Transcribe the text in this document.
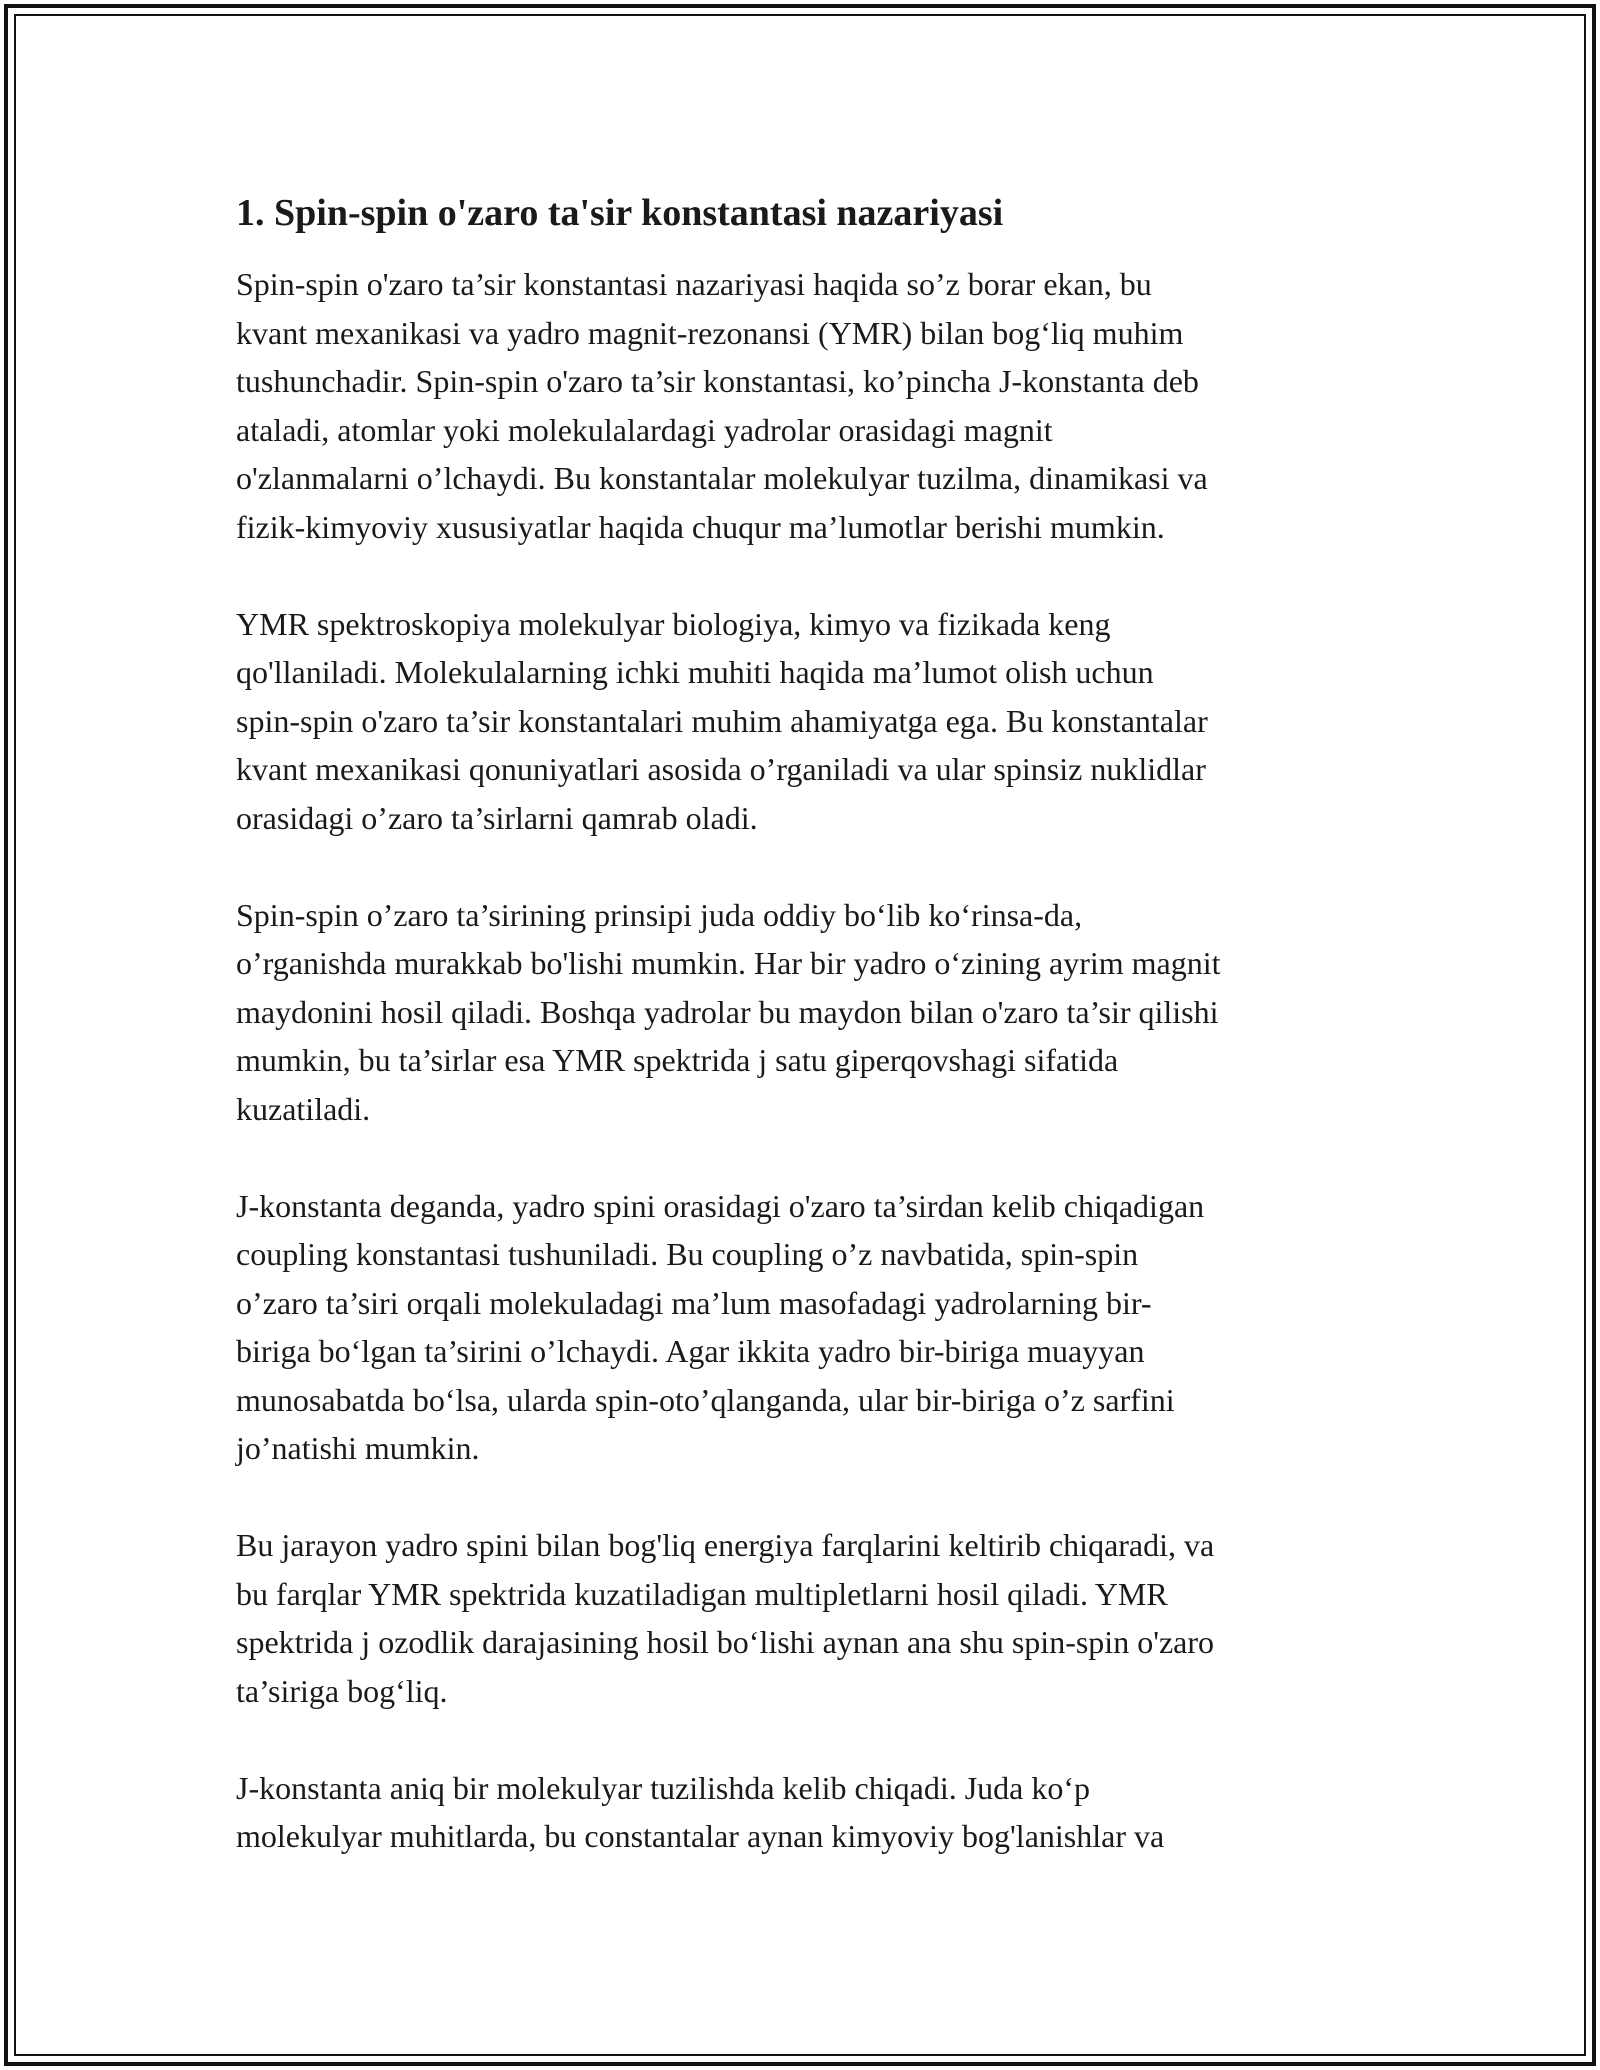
1. Spin-spin o'zaro ta'sir konstantasi nazariyasi

Spin-spin o'zaro ta’sir konstantasi nazariyasi haqida so’z borar ekan, bu
kvant mexanikasi va yadro magnit-rezonansi (YMR) bilan bog‘liq muhim
tushunchadir. Spin-spin o'zaro ta’sir konstantasi, ko’pincha J-konstanta deb
ataladi, atomlar yoki molekulalardagi yadrolar orasidagi magnit
o'zlanmalarni o’lchaydi. Bu konstantalar molekulyar tuzilma, dinamikasi va
fizik-kimyoviy xususiyatlar haqida chuqur ma’lumotlar berishi mumkin.

YMR spektroskopiya molekulyar biologiya, kimyo va fizikada keng
qo'llaniladi. Molekulalarning ichki muhiti haqida ma’lumot olish uchun
spin-spin o'zaro ta’sir konstantalari muhim ahamiyatga ega. Bu konstantalar
kvant mexanikasi qonuniyatlari asosida o’rganiladi va ular spinsiz nuklidlar
orasidagi o’zaro ta’sirlarni qamrab oladi.

Spin-spin o’zaro ta’sirining prinsipi juda oddiy bo‘lib ko‘rinsa-da,
o’rganishda murakkab bo'lishi mumkin. Har bir yadro o‘zining ayrim magnit
maydonini hosil qiladi. Boshqa yadrolar bu maydon bilan o'zaro ta’sir qilishi
mumkin, bu ta’sirlar esa YMR spektrida j satu giperqovshagi sifatida
kuzatiladi.

J-konstanta deganda, yadro spini orasidagi o'zaro ta’sirdan kelib chiqadigan
coupling konstantasi tushuniladi. Bu coupling o’z navbatida, spin-spin
o’zaro ta’siri orqali molekuladagi ma’lum masofadagi yadrolarning bir-
biriga bo‘lgan ta’sirini o’lchaydi. Agar ikkita yadro bir-biriga muayyan
munosabatda bo‘lsa, ularda spin-oto’qlanganda, ular bir-biriga o’z sarfini
jo’natishi mumkin.

Bu jarayon yadro spini bilan bog'liq energiya farqlarini keltirib chiqaradi, va
bu farqlar YMR spektrida kuzatiladigan multipletlarni hosil qiladi. YMR
spektrida j ozodlik darajasining hosil bo‘lishi aynan ana shu spin-spin o'zaro
ta’siriga bog‘liq.

J-konstanta aniq bir molekulyar tuzilishda kelib chiqadi. Juda ko‘p
molekulyar muhitlarda, bu constantalar aynan kimyoviy bog'lanishlar va
